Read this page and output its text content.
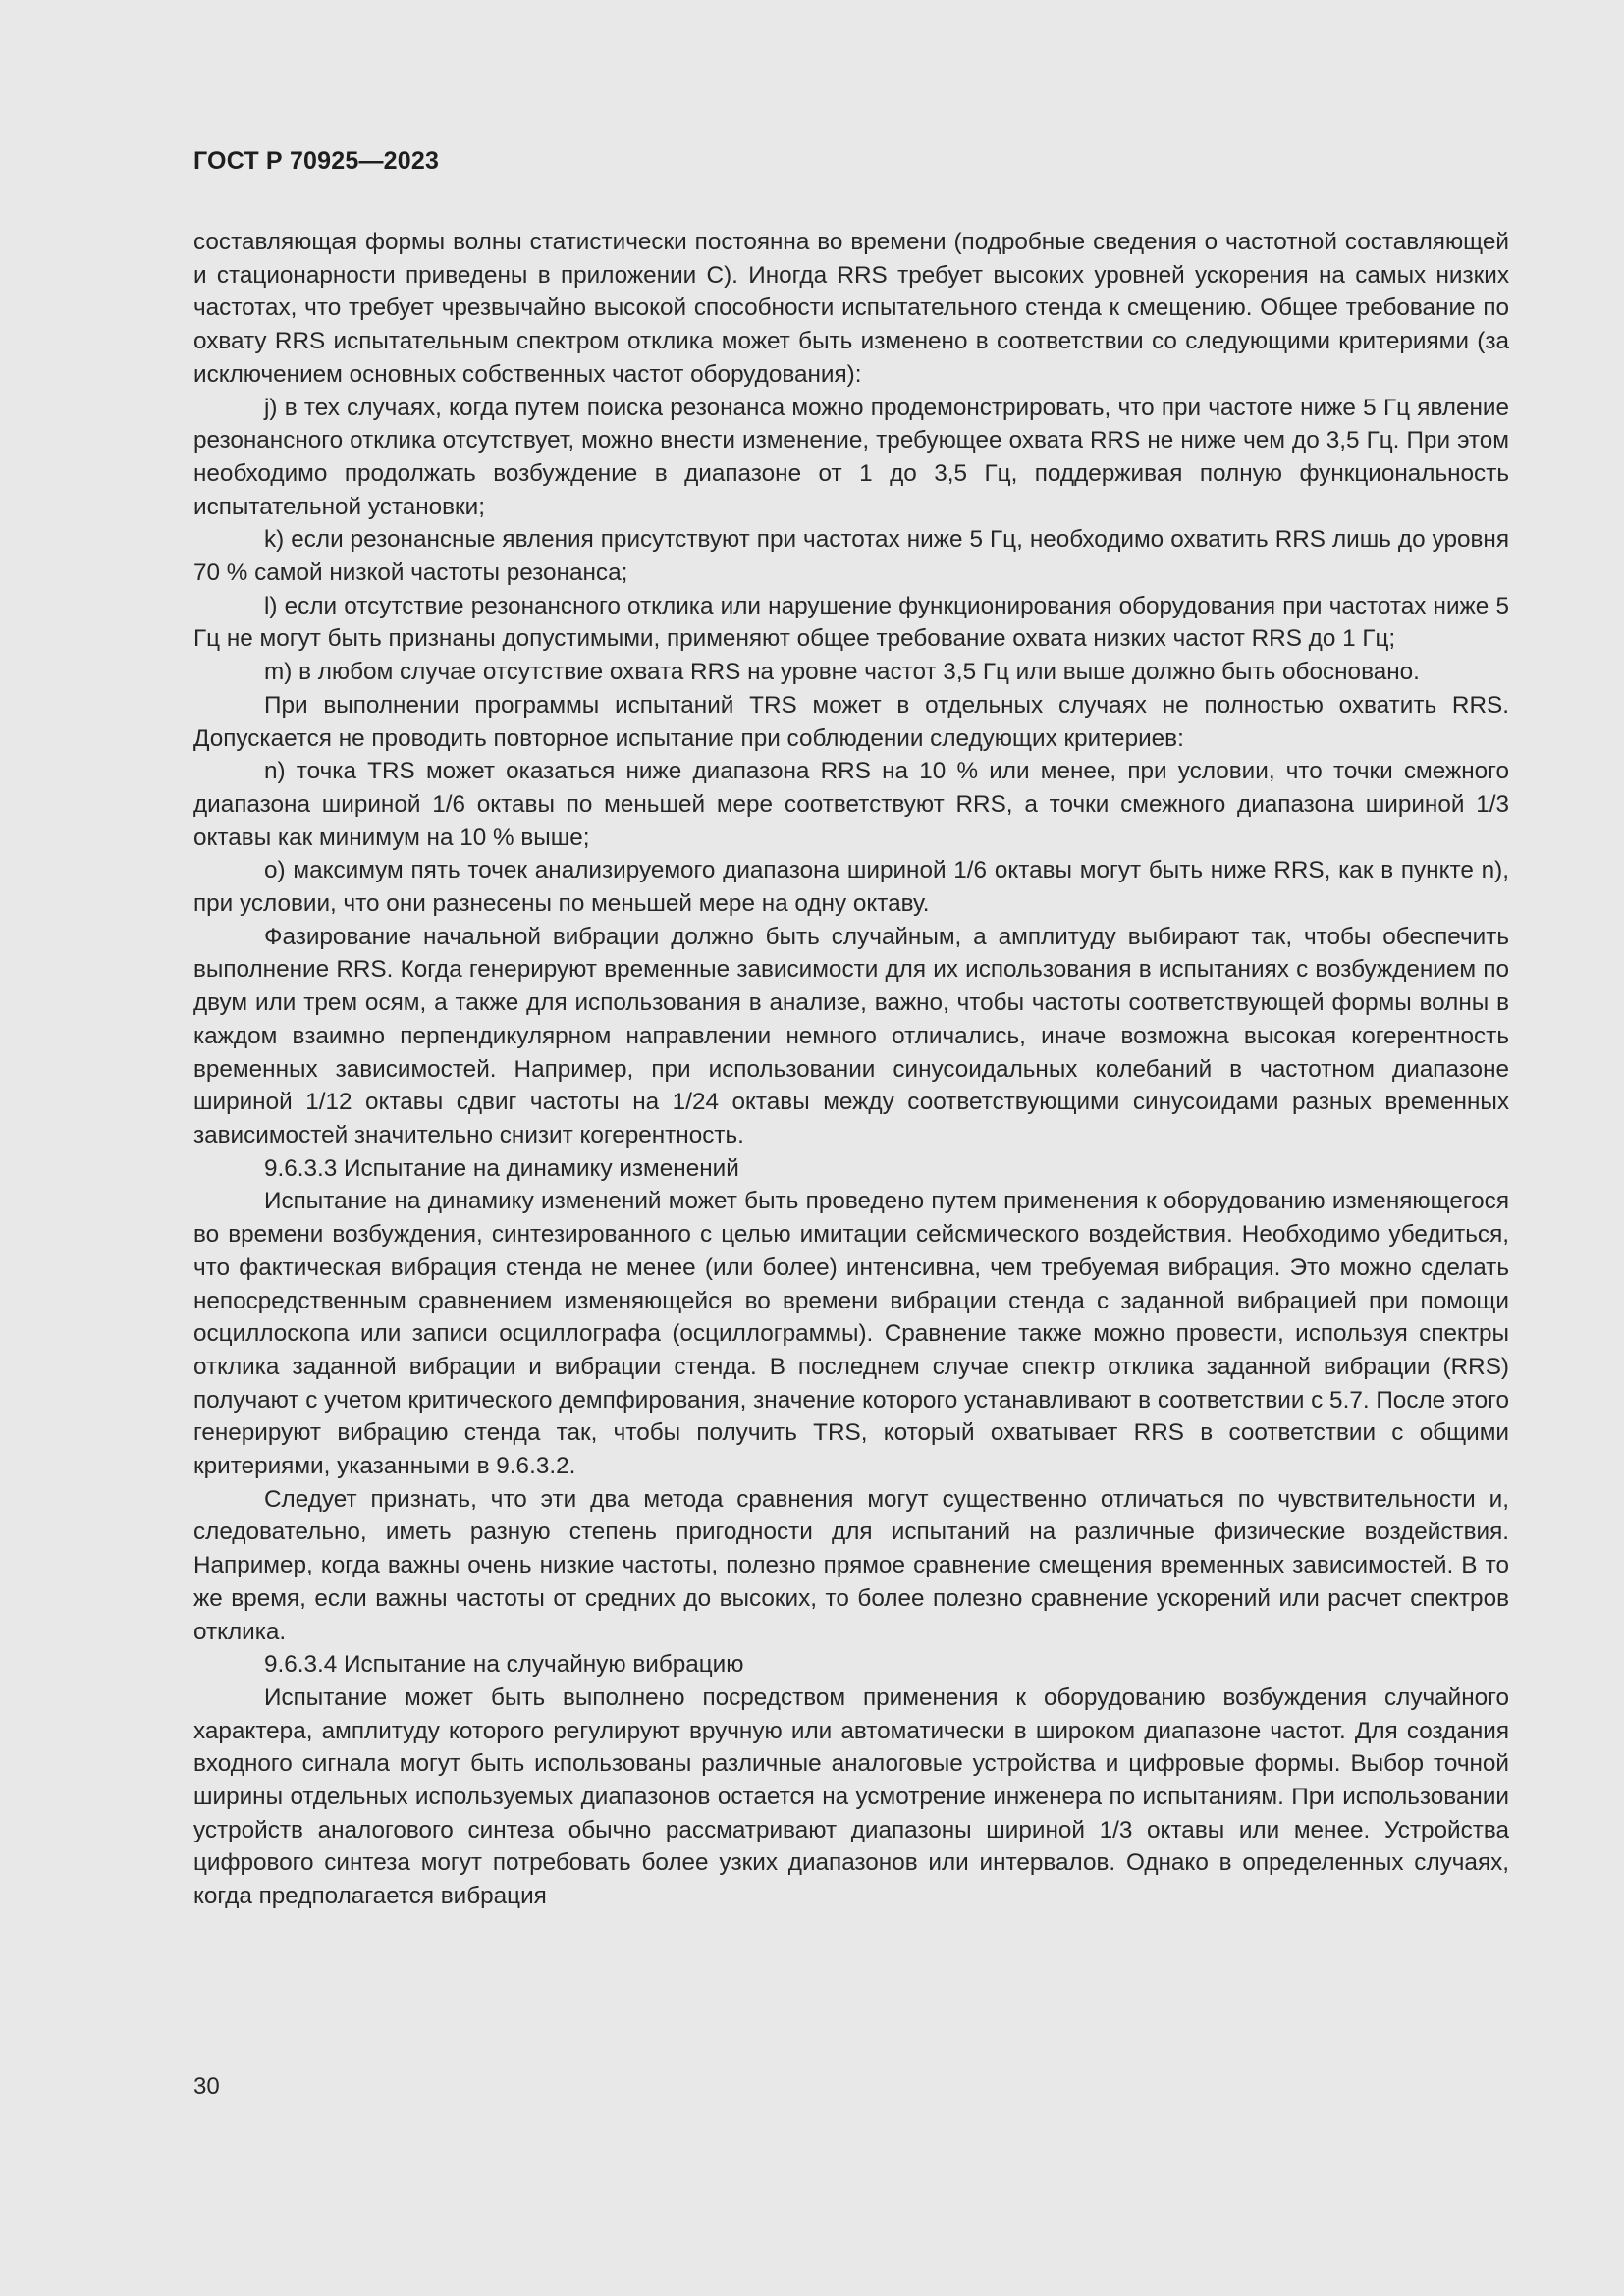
ГОСТ Р 70925—2023

составляющая формы волны статистически постоянна во времени (подробные сведения о частотной составляющей и стационарности приведены в приложении С). Иногда RRS требует высоких уровней ускорения на самых низких частотах, что требует чрезвычайно высокой способности испытательного стенда к смещению. Общее требование по охвату RRS испытательным спектром отклика может быть изменено в соответствии со следующими критериями (за исключением основных собственных частот оборудования):

j) в тех случаях, когда путем поиска резонанса можно продемонстрировать, что при частоте ниже 5 Гц явление резонансного отклика отсутствует, можно внести изменение, требующее охвата RRS не ниже чем до 3,5 Гц. При этом необходимо продолжать возбуждение в диапазоне от 1 до 3,5 Гц, поддерживая полную функциональность испытательной установки;

k) если резонансные явления присутствуют при частотах ниже 5 Гц, необходимо охватить RRS лишь до уровня 70 % самой низкой частоты резонанса;

l) если отсутствие резонансного отклика или нарушение функционирования оборудования при частотах ниже 5 Гц не могут быть признаны допустимыми, применяют общее требование охвата низких частот RRS до 1 Гц;

m) в любом случае отсутствие охвата RRS на уровне частот 3,5 Гц или выше должно быть обосновано.

При выполнении программы испытаний TRS может в отдельных случаях не полностью охватить RRS. Допускается не проводить повторное испытание при соблюдении следующих критериев:

n) точка TRS может оказаться ниже диапазона RRS на 10 % или менее, при условии, что точки смежного диапазона шириной 1/6 октавы по меньшей мере соответствуют RRS, а точки смежного диапазона шириной 1/3 октавы как минимум на 10 % выше;

o) максимум пять точек анализируемого диапазона шириной 1/6 октавы могут быть ниже RRS, как в пункте n), при условии, что они разнесены по меньшей мере на одну октаву.

Фазирование начальной вибрации должно быть случайным, а амплитуду выбирают так, чтобы обеспечить выполнение RRS. Когда генерируют временные зависимости для их использования в испытаниях с возбуждением по двум или трем осям, а также для использования в анализе, важно, чтобы частоты соответствующей формы волны в каждом взаимно перпендикулярном направлении немного отличались, иначе возможна высокая когерентность временных зависимостей. Например, при использовании синусоидальных колебаний в частотном диапазоне шириной 1/12 октавы сдвиг частоты на 1/24 октавы между соответствующими синусоидами разных временных зависимостей значительно снизит когерентность.

9.6.3.3 Испытание на динамику изменений

Испытание на динамику изменений может быть проведено путем применения к оборудованию изменяющегося во времени возбуждения, синтезированного с целью имитации сейсмического воздействия. Необходимо убедиться, что фактическая вибрация стенда не менее (или более) интенсивна, чем требуемая вибрация. Это можно сделать непосредственным сравнением изменяющейся во времени вибрации стенда с заданной вибрацией при помощи осциллоскопа или записи осциллографа (осциллограммы). Сравнение также можно провести, используя спектры отклика заданной вибрации и вибрации стенда. В последнем случае спектр отклика заданной вибрации (RRS) получают с учетом критического демпфирования, значение которого устанавливают в соответствии с 5.7. После этого генерируют вибрацию стенда так, чтобы получить TRS, который охватывает RRS в соответствии с общими критериями, указанными в 9.6.3.2.

Следует признать, что эти два метода сравнения могут существенно отличаться по чувствительности и, следовательно, иметь разную степень пригодности для испытаний на различные физические воздействия. Например, когда важны очень низкие частоты, полезно прямое сравнение смещения временных зависимостей. В то же время, если важны частоты от средних до высоких, то более полезно сравнение ускорений или расчет спектров отклика.

9.6.3.4 Испытание на случайную вибрацию

Испытание может быть выполнено посредством применения к оборудованию возбуждения случайного характера, амплитуду которого регулируют вручную или автоматически в широком диапазоне частот. Для создания входного сигнала могут быть использованы различные аналоговые устройства и цифровые формы. Выбор точной ширины отдельных используемых диапазонов остается на усмотрение инженера по испытаниям. При использовании устройств аналогового синтеза обычно рассматривают диапазоны шириной 1/3 октавы или менее. Устройства цифрового синтеза могут потребовать более узких диапазонов или интервалов. Однако в определенных случаях, когда предполагается вибрация

30
